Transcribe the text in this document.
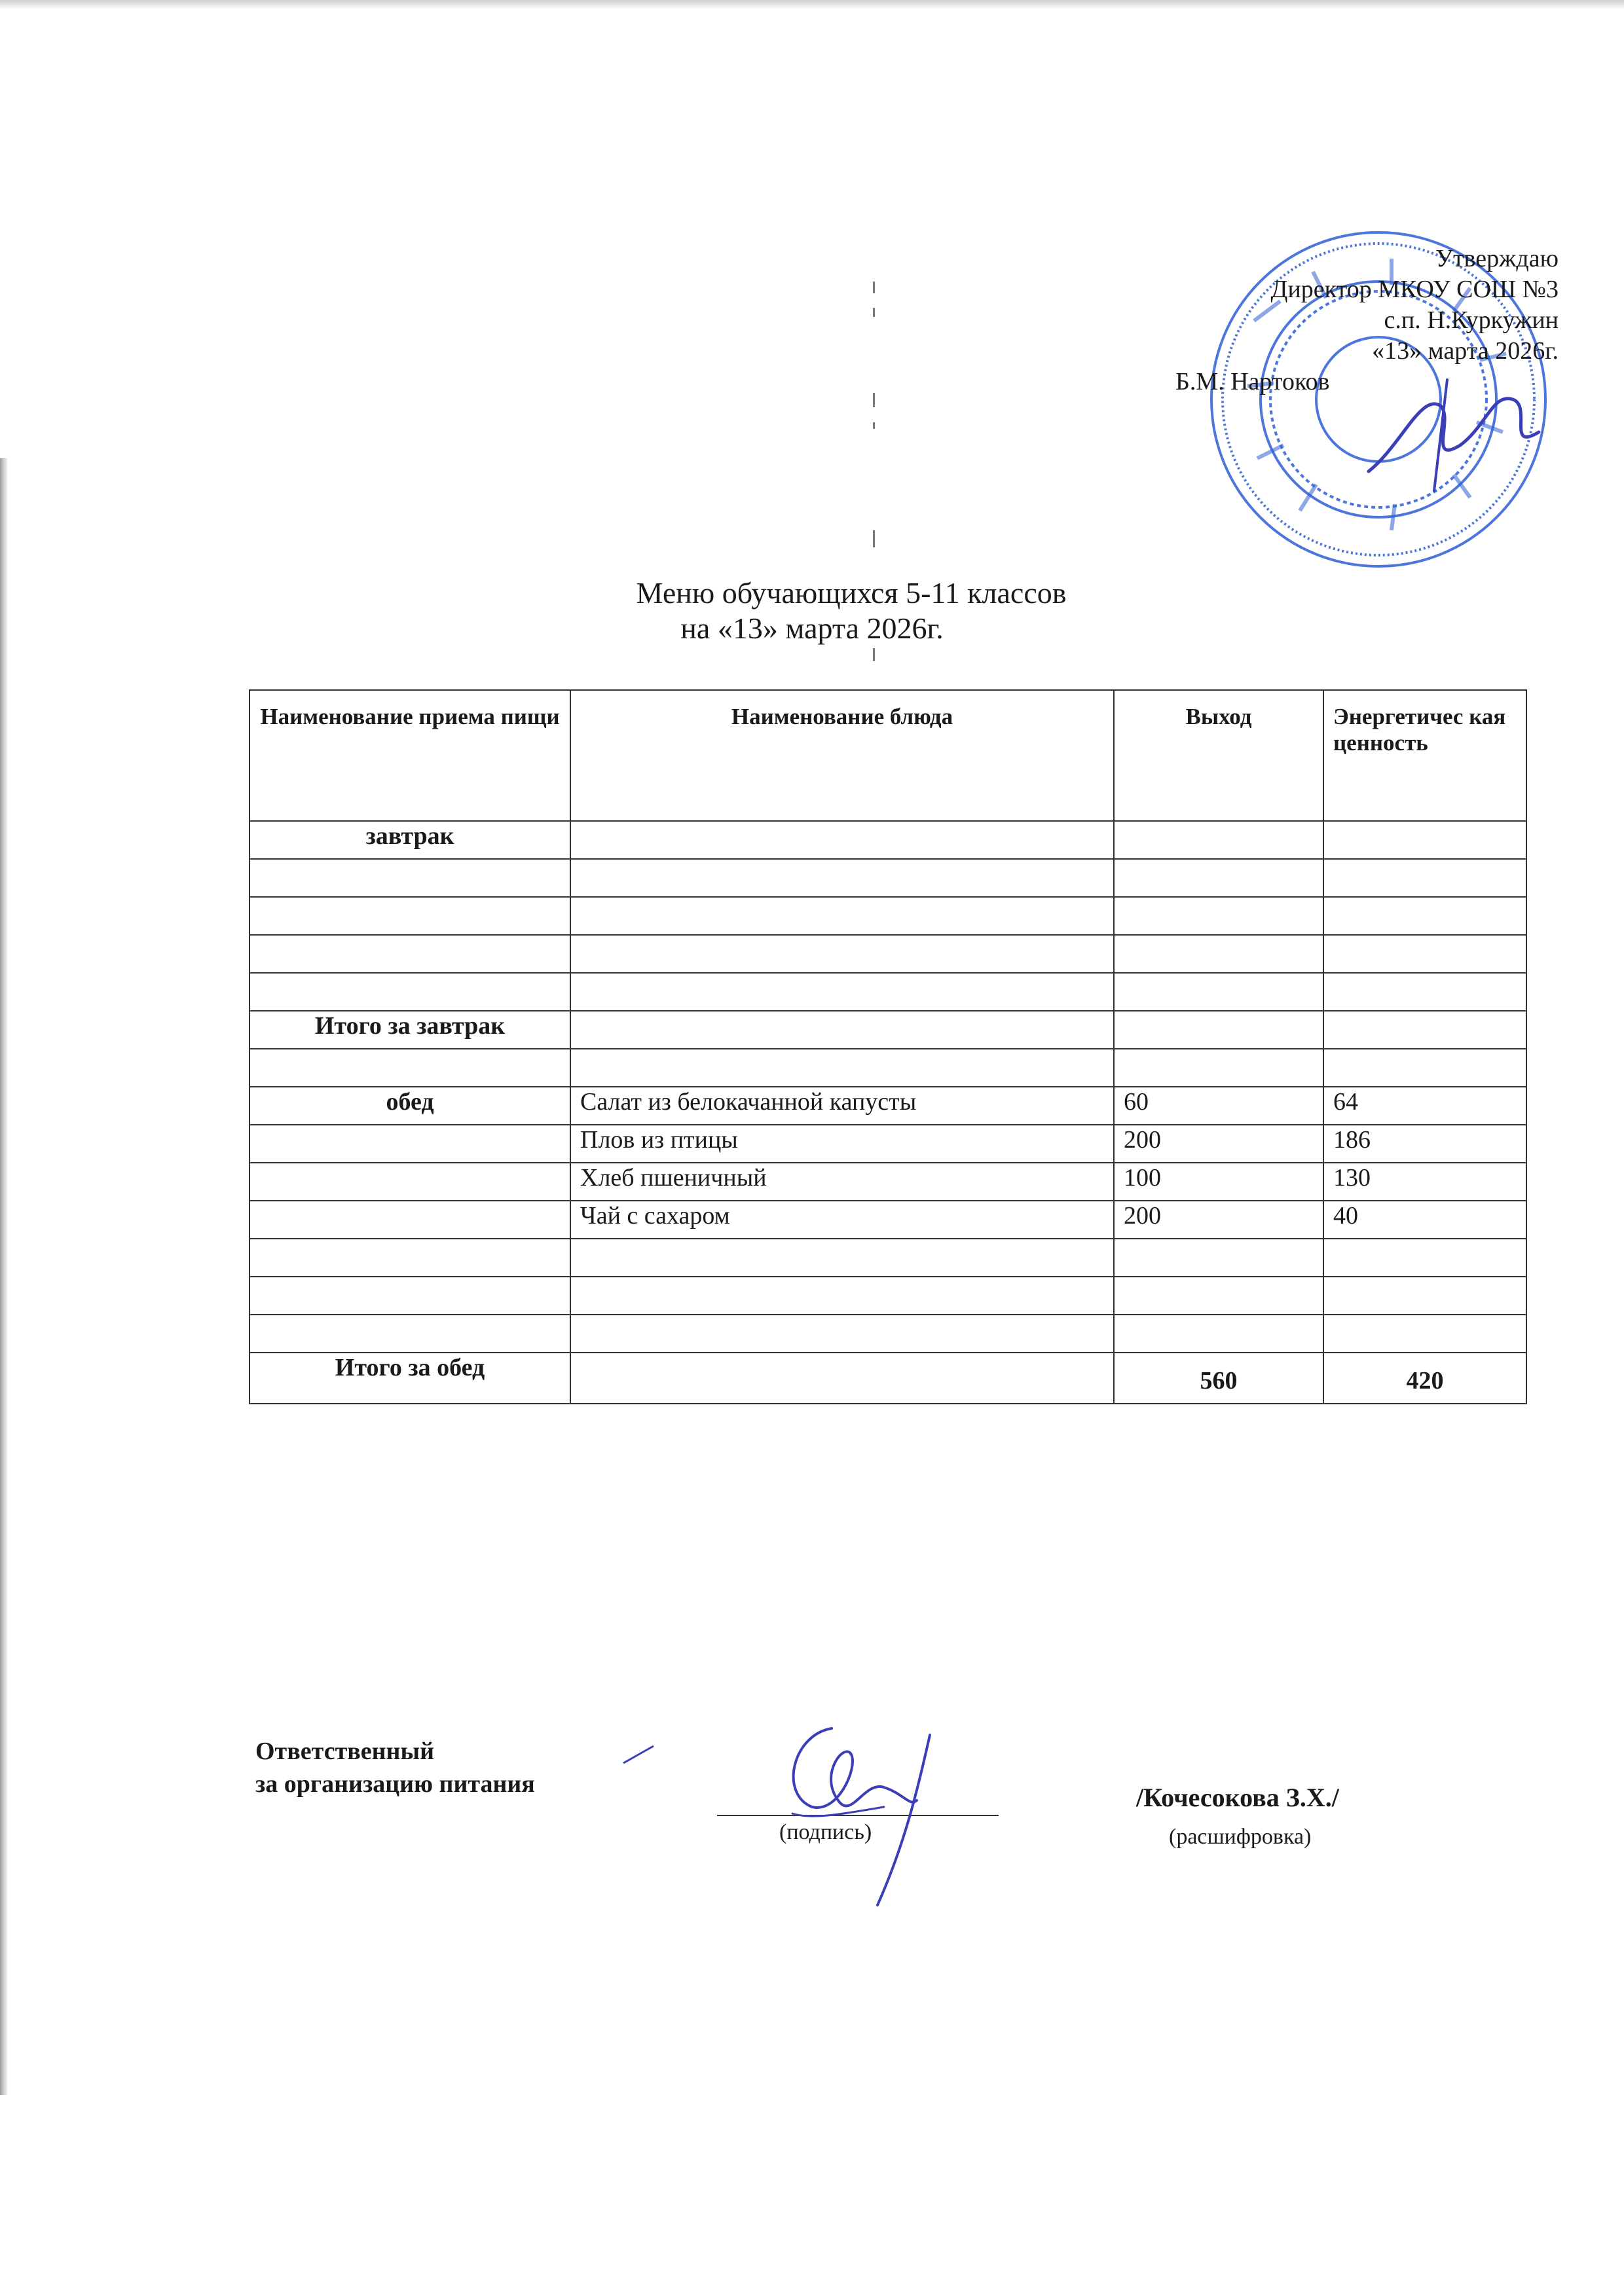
Утверждаю
Директор МКОУ СОШ №3
с.п. Н.Куркужин
«13» марта 2026г.
Б.М. Нартоков
Меню обучающихся 5-11 классов
на «13» марта 2026г.
Наименование приема пищи	Наименование блюда	Выход	Энергетичес кая ценность
завтрак			

Итого за завтрак			

обед	Салат из белокачанной капусты	60	64
	Плов из птицы	200	186
	Хлеб пшеничный	100	130
	Чай с сахаром	200	40

Итого за обед		560	420
Ответственный
за организацию питания
(подпись)
/Кочесокова З.Х./
(расшифровка)
